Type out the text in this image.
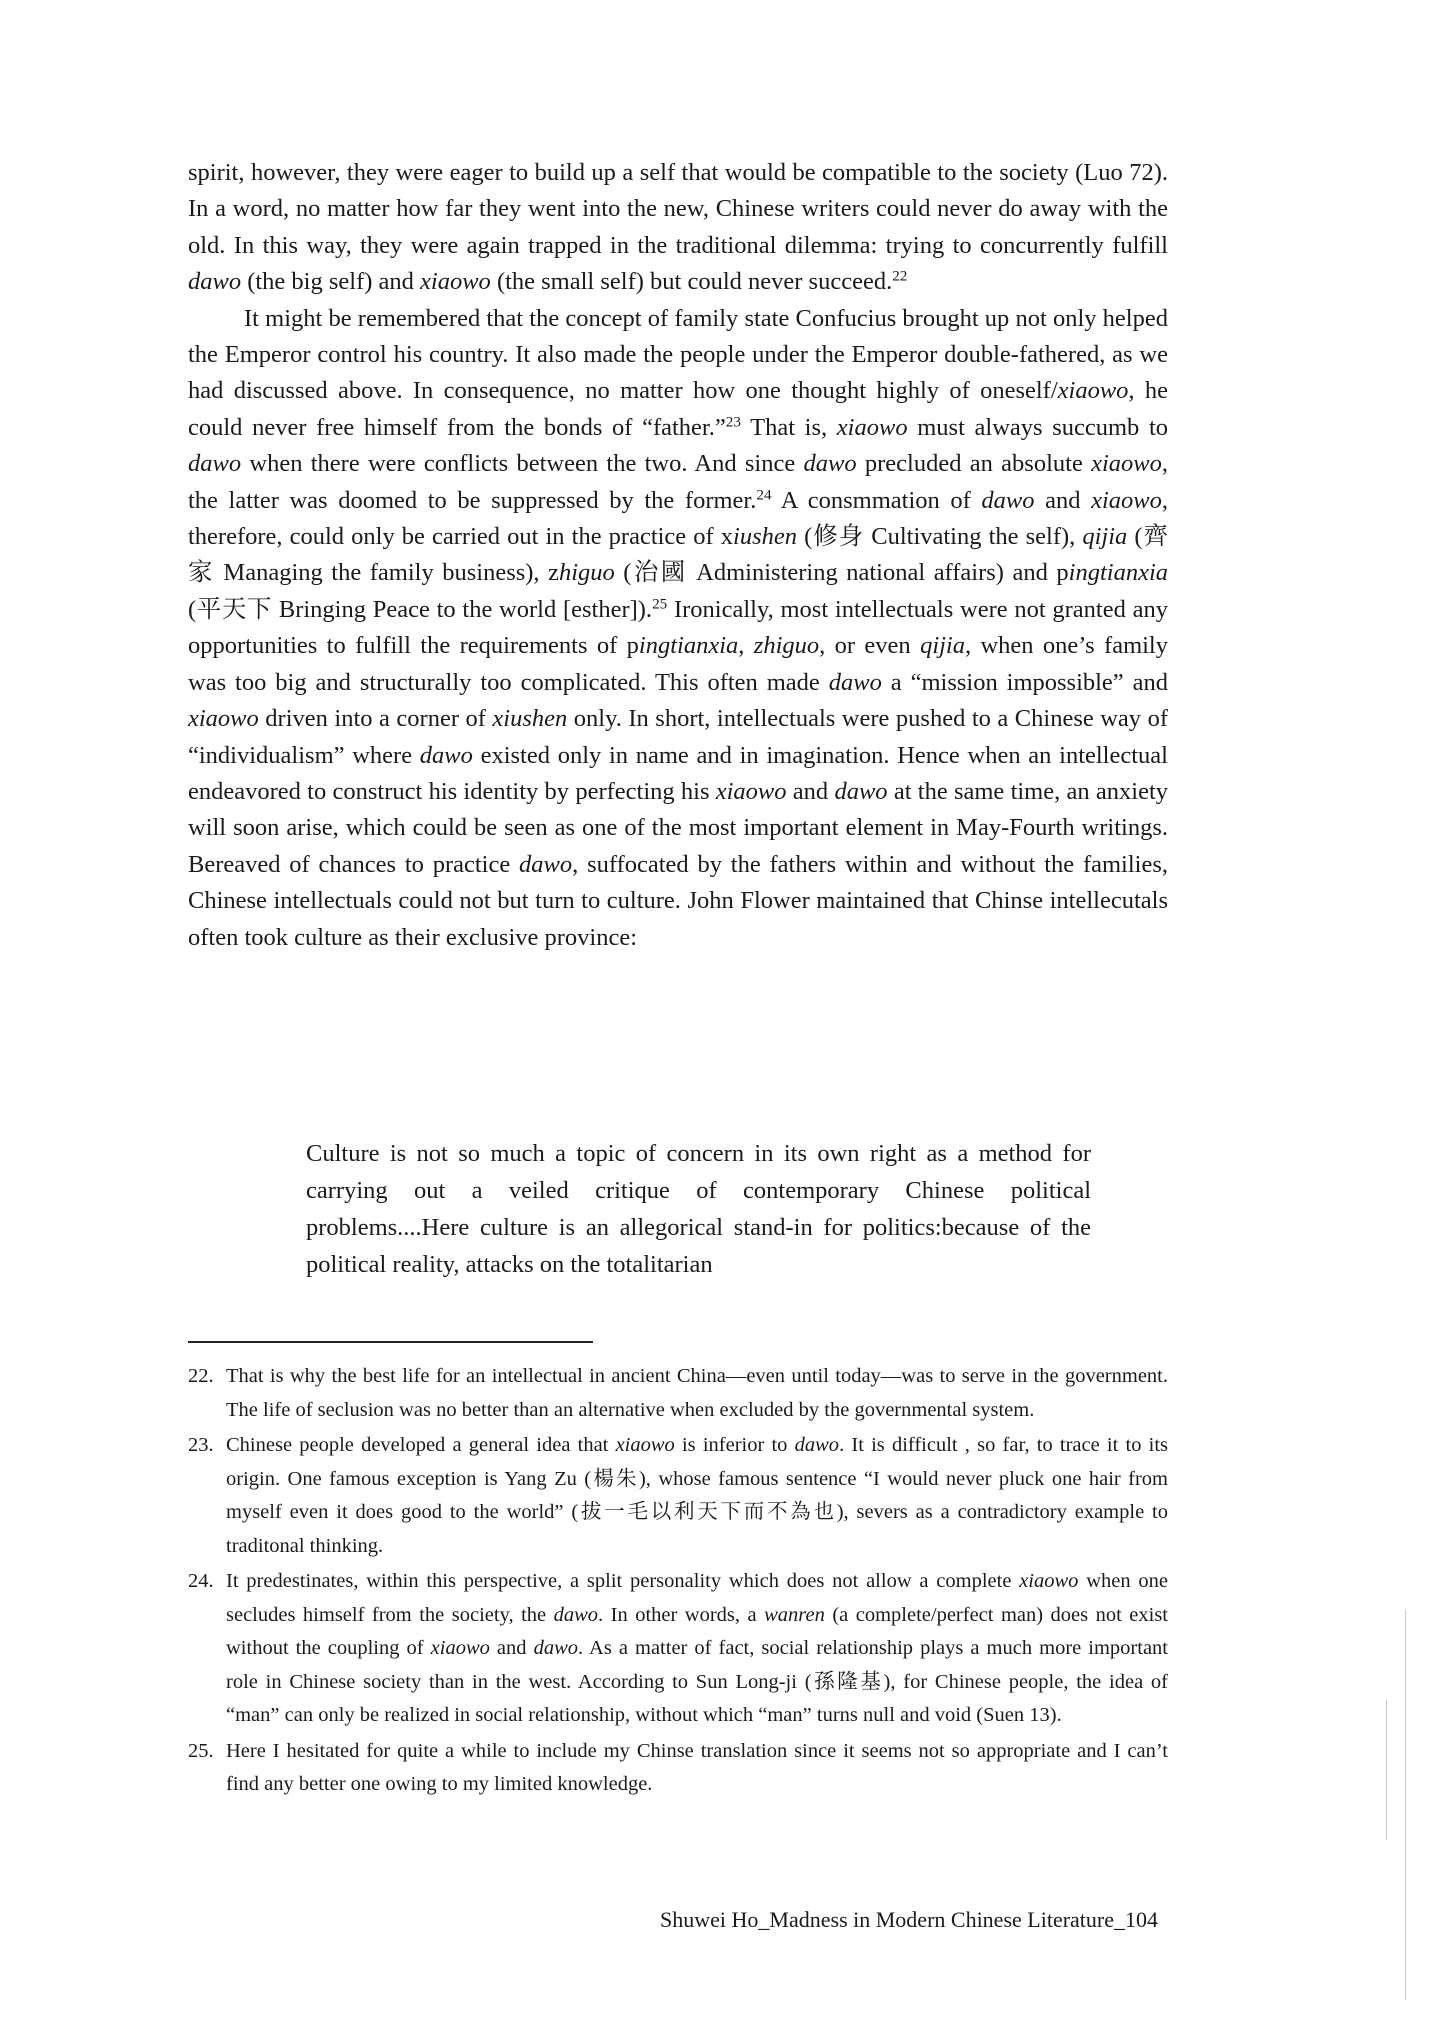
spirit, however, they were eager to build up a self that would be compatible to the society (Luo 72). In a word, no matter how far they went into the new, Chinese writers could never do away with the old. In this way, they were again trapped in the traditional dilemma: trying to concurrently fulfill dawo (the big self) and xiaowo (the small self) but could never succeed.$^{22}$

It might be remembered that the concept of family state Confucius brought up not only helped the Emperor control his country. It also made the people under the Emperor double-fathered, as we had discussed above. In consequence, no matter how one thought highly of oneself/xiaowo, he could never free himself from the bonds of “father.”$^{23}$ That is, xiaowo must always succumb to dawo when there were conflicts between the two. And since dawo precluded an absolute xiaowo, the latter was doomed to be suppressed by the former.$^{24}$ A consmmation of dawo and xiaowo, therefore, could only be carried out in the practice of xiushen (修身 Cultivating the self), qijia (齊家 Managing the family business), zhiguo (治國 Administering national affairs) and pingtianxia (平天下 Bringing Peace to the world [esther]).$^{25}$ Ironically, most intellectuals were not granted any opportunities to fulfill the requirements of pingtianxia, zhiguo, or even qijia, when one’s family was too big and structurally too complicated. This often made dawo a “mission impossible” and xiaowo driven into a corner of xiushen only. In short, intellectuals were pushed to a Chinese way of “individualism” where dawo existed only in name and in imagination. Hence when an intellectual endeavored to construct his identity by perfecting his xiaowo and dawo at the same time, an anxiety will soon arise, which could be seen as one of the most important element in May-Fourth writings. Bereaved of chances to practice dawo, suffocated by the fathers within and without the families, Chinese intellectuals could not but turn to culture. John Flower maintained that Chinse intellecutals often took culture as their exclusive province:

Culture is not so much a topic of concern in its own right as a method for carrying out a veiled critique of contemporary Chinese political problems....Here culture is an allegorical stand-in for politics:because of the political reality, attacks on the totalitarian
22. That is why the best life for an intellectual in ancient China—even until today—was to serve in the government. The life of seclusion was no better than an alternative when excluded by the governmental system.
23. Chinese people developed a general idea that xiaowo is inferior to dawo. It is difficult , so far, to trace it to its origin. One famous exception is Yang Zu (楊朱), whose famous sentence “I would never pluck one hair from myself even it does good to the world” (拔一毛以利天下而不為也), severs as a contradictory example to traditonal thinking.
24. It predestinates, within this perspective, a split personality which does not allow a complete xiaowo when one secludes himself from the society, the dawo. In other words, a wanren (a complete/perfect man) does not exist without the coupling of xiaowo and dawo. As a matter of fact, social relationship plays a much more important role in Chinese society than in the west. According to Sun Long-ji (孫隆基), for Chinese people, the idea of “man” can only be realized in social relationship, without which “man” turns null and void (Suen 13).
25. Here I hesitated for quite a while to include my Chinse translation since it seems not so appropriate and I can’t find any better one owing to my limited knowledge.
Shuwei Ho_Madness in Modern Chinese Literature_104
